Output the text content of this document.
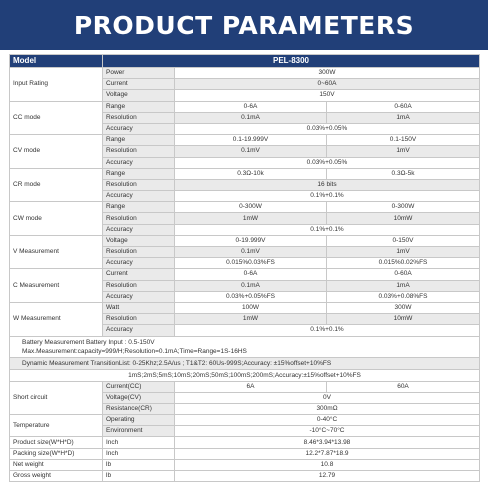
PRODUCT PARAMETERS
Model	PEL-8300		
Input Rating	Power	300W	
	Current	0~60A	
	Voltage	150V	
CC mode	Range	0-6A	0-60A
	Resolution	0.1mA	1mA
	Accuracy	0.03%+0.05%	
CV mode	Range	0.1-19.999V	0.1-150V
	Resolution	0.1mV	1mV
	Accuracy	0.03%+0.05%	
CR mode	Range	0.3Ω-10k	0.3Ω-5k
	Resolution	16 bits	
	Accuracy	0.1%+0.1%	
CW mode	Range	0-300W	0-300W
	Resolution	1mW	10mW
	Accuracy	0.1%+0.1%	
V Measurement	Voltage	0-19.999V	0-150V
	Resolution	0.1mV	1mV
	Accuracy	0.015%0.03%FS	0.015%0.02%FS
C Measurement	Current	0-6A	0-60A
	Resolution	0.1mA	1mA
	Accuracy	0.03%+0.05%FS	0.03%+0.08%FS
W Measurement	Watt	100W	300W
	Resolution	1mW	10mW
	Accuracy	0.1%+0.1%	

Battery Measurement Battery Input : 0.5-150V
Max.Measurement:capacity=999/H;Resolution=0.1mA;Time=Range=1S-16HS			

Dynamic Measurement TransitionList: 0-25Khz;2.5A/us ; T1&T2: 60Us-999S;Accuracy: ±15%offset+10%FS			
1mS;2mS;5mS;10mS;20mS;50mS;100mS;200mS;Accuracy:±15%offset+10%FS			
Short circuit	Current(CC)	6A	60A
	Voltage(CV)	0V	
	Resistance(CR)	300mΩ	
Temperature	Operating	0-40°C	
	Environment	-10°C~70°C	
Product size(W*H*D)	Inch	8.46*3.94*13.98	
Packing size(W*H*D)	Inch	12.2*7.87*18.9	
Net weight	lb	10.8	
Gross weight	lb	12.79	
